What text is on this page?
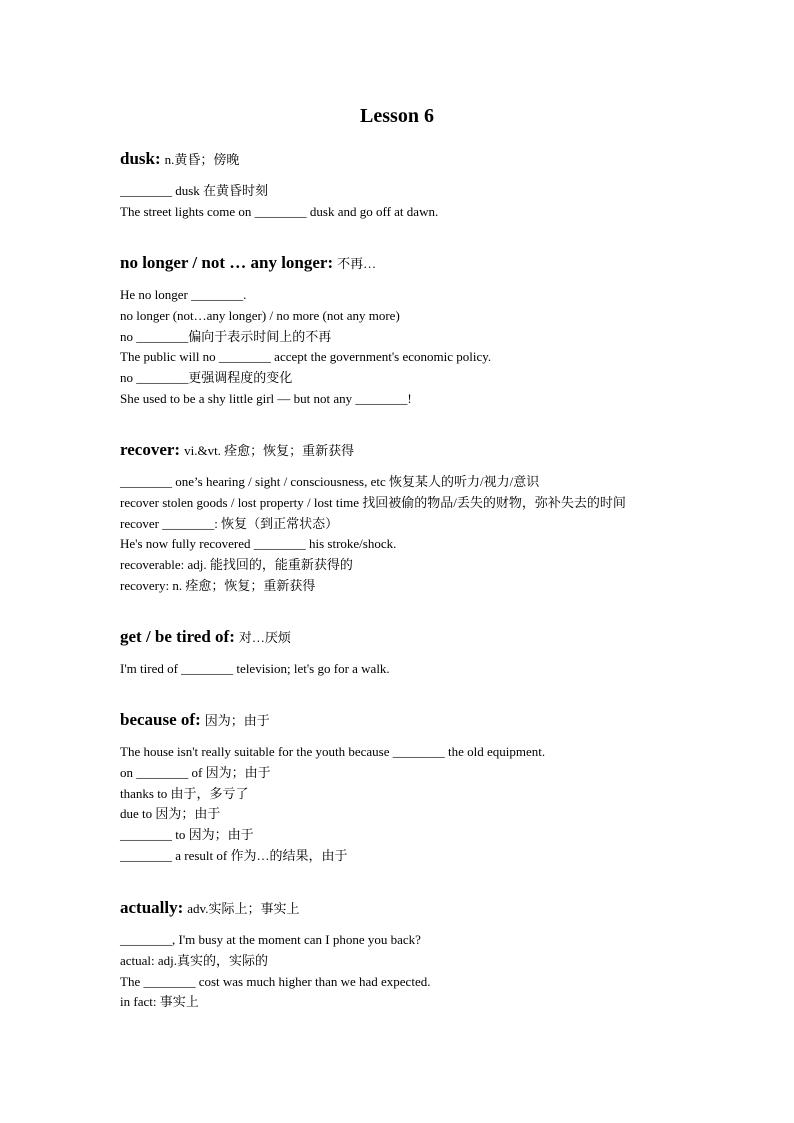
Lesson 6
dusk: n.黄昏；傍晚
________ dusk 在黄昏时刻
The street lights come on ________ dusk and go off at dawn.
no longer / not … any longer: 不再…
He no longer ________.
no longer (not…any longer) / no more (not any more)
no ________偏向于表示时间上的不再
The public will no ________ accept the government's economic policy.
no ________更强调程度的变化
She used to be a shy little girl — but not any ________!
recover: vi.&vt. 痊愈；恢复；重新获得
________ one’s hearing / sight / consciousness, etc 恢复某人的听力/视力/意识
recover stolen goods / lost property / lost time 找回被偷的物品/丢失的财物，弥补失去的时间
recover ________: 恢复（到正常状态）
He's now fully recovered ________ his stroke/shock.
recoverable: adj. 能找回的，能重新获得的
recovery: n. 痊愈；恢复；重新获得
get / be tired of: 对…厌烦
I'm tired of ________ television; let's go for a walk.
because of: 因为；由于
The house isn't really suitable for the youth because ________ the old equipment.
on ________ of 因为；由于
thanks to 由于，多亏了
due to 因为；由于
________ to 因为；由于
________ a result of 作为…的结果，由于
actually: adv.实际上；事实上
________, I'm busy at the moment can I phone you back?
actual: adj.真实的，实际的
The ________ cost was much higher than we had expected.
in fact: 事实上
